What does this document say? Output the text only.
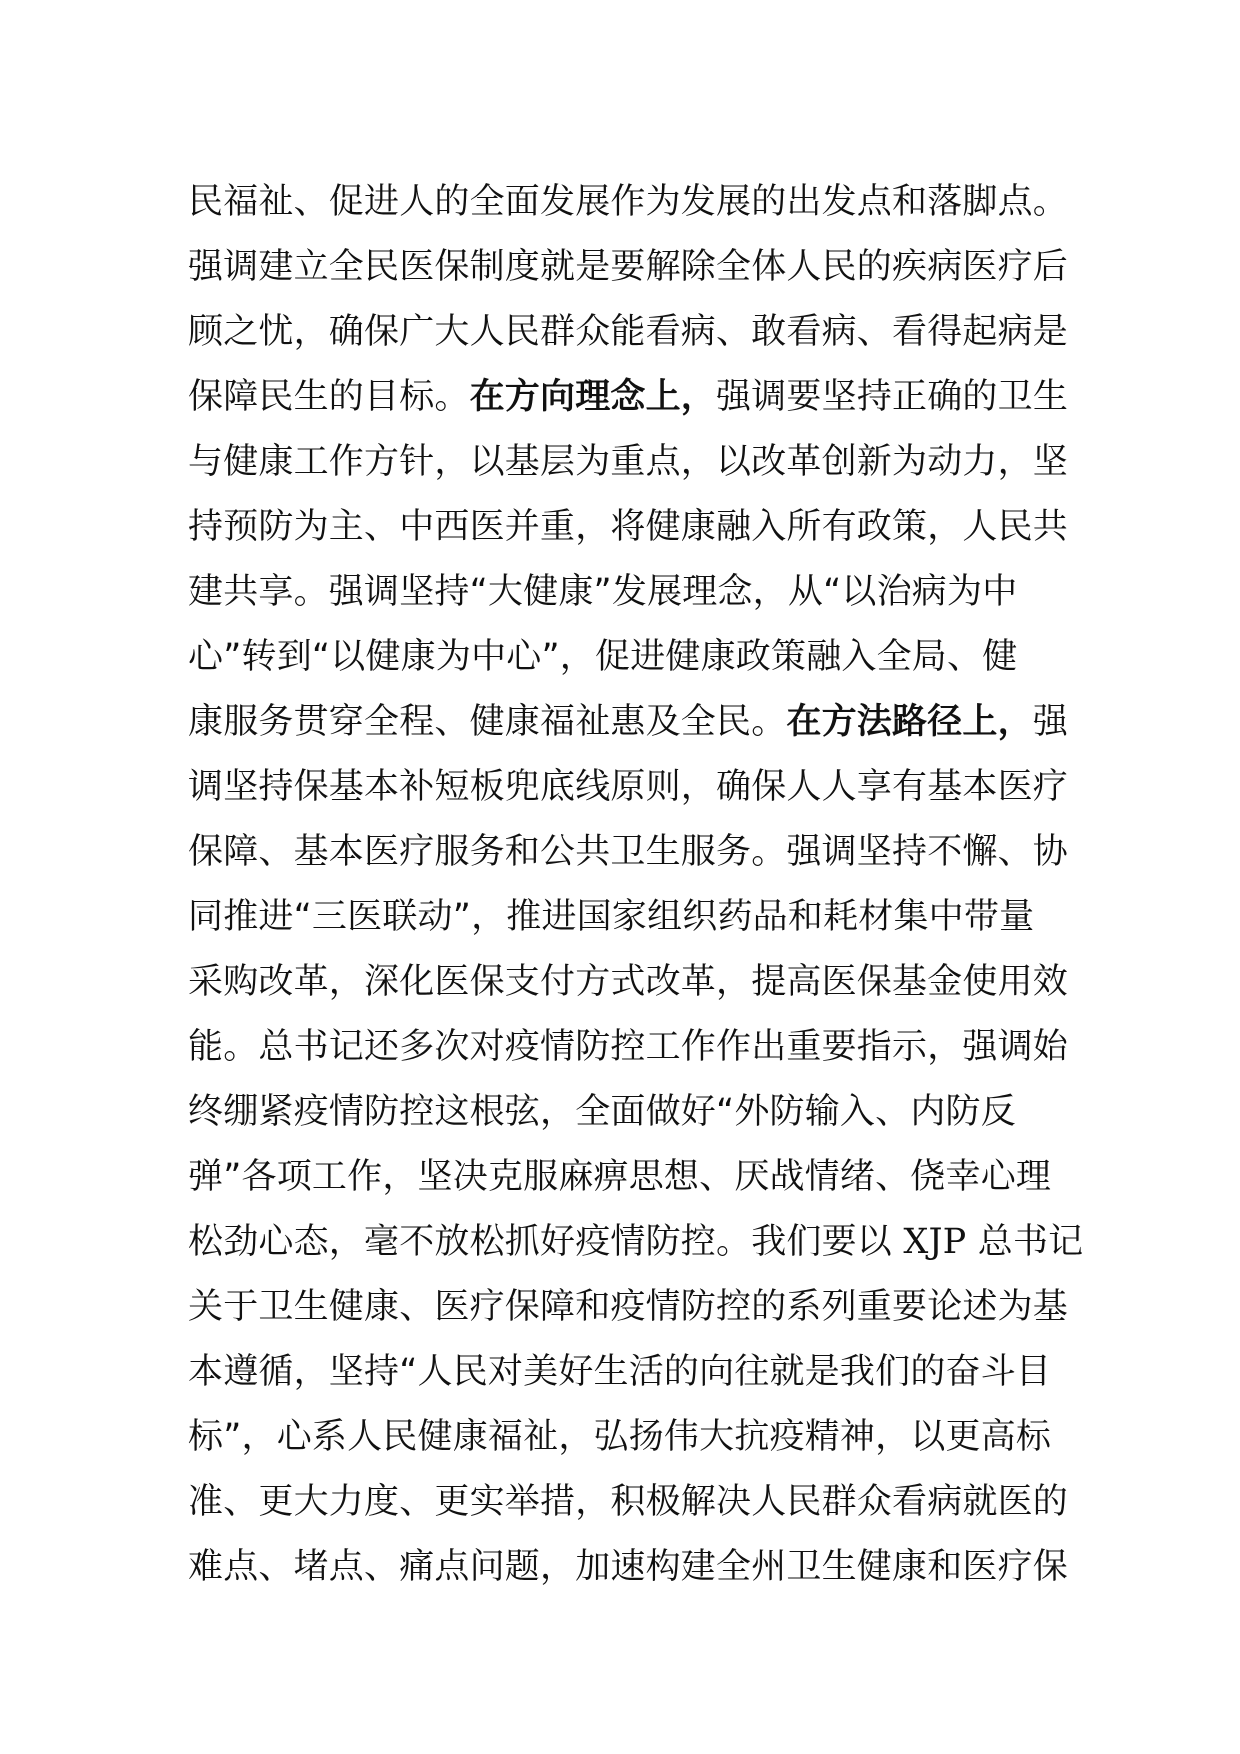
民福祉、促进人的全面发展作为发展的出发点和落脚点。
强调建立全民医保制度就是要解除全体人民的疾病医疗后
顾之忧，确保广大人民群众能看病、敢看病、看得起病是
保障民生的目标。在方向理念上，强调要坚持正确的卫生
与健康工作方针，以基层为重点，以改革创新为动力，坚
持预防为主、中西医并重，将健康融入所有政策，人民共
建共享。强调坚持“大健康”发展理念，从“以治病为中
心”转到“以健康为中心”，促进健康政策融入全局、健
康服务贯穿全程、健康福祉惠及全民。在方法路径上，强
调坚持保基本补短板兜底线原则，确保人人享有基本医疗
保障、基本医疗服务和公共卫生服务。强调坚持不懈、协
同推进“三医联动”，推进国家组织药品和耗材集中带量
采购改革，深化医保支付方式改革，提高医保基金使用效
能。总书记还多次对疫情防控工作作出重要指示，强调始
终绷紧疫情防控这根弦，全面做好“外防输入、内防反
弹”各项工作，坚决克服麻痹思想、厌战情绪、侥幸心理
松劲心态，毫不放松抓好疫情防控。我们要以 XJP 总书记
关于卫生健康、医疗保障和疫情防控的系列重要论述为基
本遵循，坚持“人民对美好生活的向往就是我们的奋斗目
标”，心系人民健康福祉，弘扬伟大抗疫精神，以更高标
准、更大力度、更实举措，积极解决人民群众看病就医的
难点、堵点、痛点问题，加速构建全州卫生健康和医疗保
